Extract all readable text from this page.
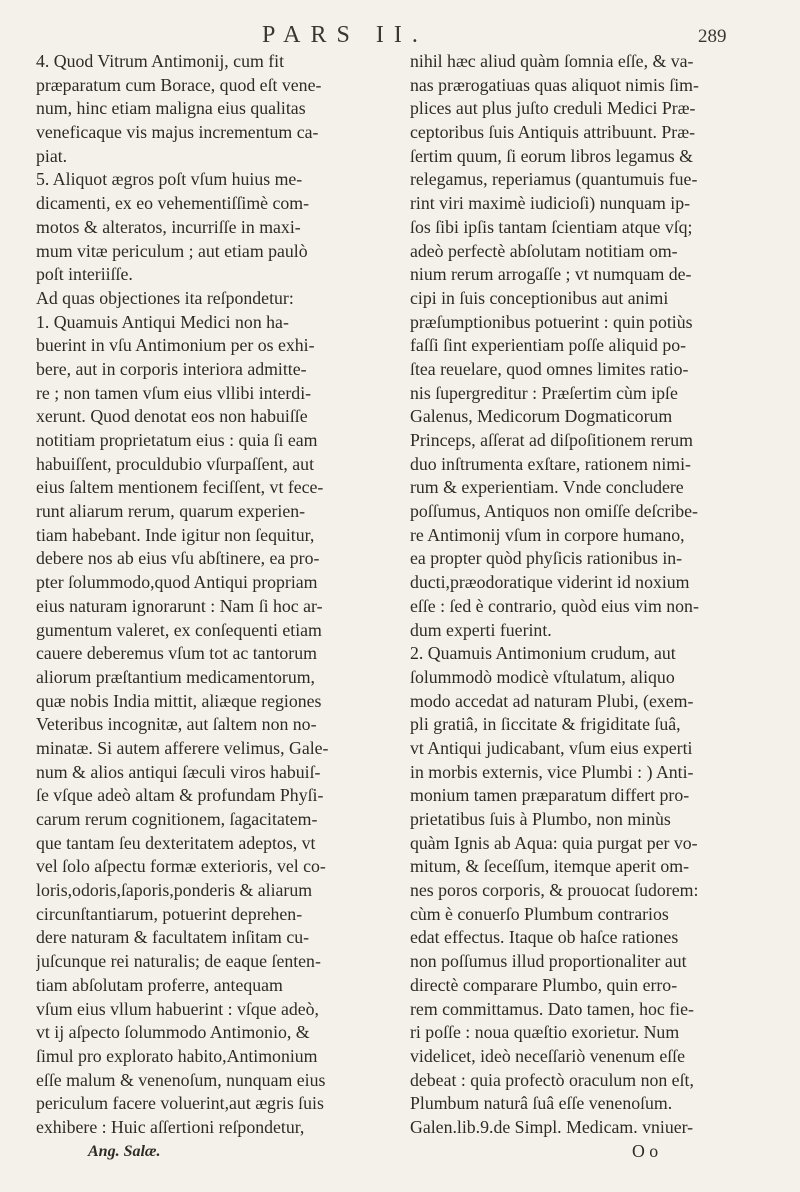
PARS II.	289
4. Quod Vitrum Antimonij, cum fit
præparatum cum Borace, quod eſt vene-
num, hinc etiam maligna eius qualitas
veneficaque vis majus incrementum ca-
piat.
5. Aliquot ægros poſt vſum huius me-
dicamenti, ex eo vehementiſſimè com-
motos & alteratos, incurriſſe in maxi-
mum vitæ periculum ; aut etiam paulò
poſt interiiſſe.
Ad quas objectiones ita reſpondetur:
1. Quamuis Antiqui Medici non ha-
buerint in vſu Antimonium per os exhi-
bere, aut in corporis interiora admitte-
re ; non tamen vſum eius vllibi interdi-
xerunt. Quod denotat eos non habuiſſe
notitiam proprietatum eius : quia ſi eam
habuiſſent, proculdubio vſurpaſſent, aut
eius ſaltem mentionem feciſſent, vt fece-
runt aliarum rerum, quarum experien-
tiam habebant. Inde igitur non ſequitur,
debere nos ab eius vſu abſtinere, ea pro-
pter ſolummodo,quod Antiqui propriam
eius naturam ignorarunt : Nam ſi hoc ar-
gumentum valeret, ex conſequenti etiam
cauere deberemus vſum tot ac tantorum
aliorum præſtantium medicamentorum,
quæ nobis India mittit, aliæque regiones
Veteribus incognitæ, aut ſaltem non no-
minatæ. Si autem afferere velimus, Gale-
num & alios antiqui ſæculi viros habuiſ-
ſe vſque adeò altam & profundam Phyſi-
carum rerum cognitionem, ſagacitatem-
que tantam ſeu dexteritatem adeptos, vt
vel ſolo aſpectu formæ exterioris, vel co-
loris,odoris,ſaporis,ponderis & aliarum
circunſtantiarum, potuerint deprehen-
dere naturam & facultatem inſitam cu-
juſcunque rei naturalis; de eaque ſenten-
tiam abſolutam proferre, antequam
vſum eius vllum habuerint : vſque adeò,
vt ij aſpecto ſolummodo Antimonio, &
ſimul pro explorato habito,Antimonium
eſſe malum & venenoſum, nunquam eius
periculum facere voluerint,aut ægris ſuis
exhibere : Huic aſſertioni reſpondetur,
Ang. Salæ.
nihil hæc aliud quàm ſomnia eſſe, & va-
nas prærogatiuas quas aliquot nimis ſim-
plices aut plus juſto creduli Medici Præ-
ceptoribus ſuis Antiquis attribuunt. Præ-
ſertim quum, ſi eorum libros legamus &
relegamus, reperiamus (quantumuis fue-
rint viri maximè iudicioſi) nunquam ip-
ſos ſibi ipſis tantam ſcientiam atque vſq;
adeò perfectè abſolutam notitiam om-
nium rerum arrogaſſe ; vt numquam de-
cipi in ſuis conceptionibus aut animi
præſumptionibus potuerint : quin potiùs
faſſi ſint experientiam poſſe aliquid po-
ſtea reuelare, quod omnes limites ratio-
nis ſupergreditur : Præſertim cùm ipſe
Galenus, Medicorum Dogmaticorum
Princeps, aſſerat ad diſpoſitionem rerum
duo inſtrumenta exſtare, rationem nimi-
rum & experientiam. Vnde concludere
poſſumus, Antiquos non omiſſe deſcribe-
re Antimonij vſum in corpore humano,
ea propter quòd phyſicis rationibus in-
ducti,præodoratique viderint id noxium
eſſe : ſed è contrario, quòd eius vim non-
dum experti fuerint.
2. Quamuis Antimonium crudum, aut
ſolummodò modicè vſtulatum, aliquo
modo accedat ad naturam Plubi, (exem-
pli gratiâ, in ſiccitate & frigiditate ſuâ,
vt Antiqui judicabant, vſum eius experti
in morbis externis, vice Plumbi : ) Anti-
monium tamen præparatum differt pro-
prietatibus ſuis à Plumbo, non minùs
quàm Ignis ab Aqua: quia purgat per vo-
mitum, & ſeceſſum, itemque aperit om-
nes poros corporis, & prouocat ſudorem:
cùm è conuerſo Plumbum contrarios
edat effectus. Itaque ob haſce rationes
non poſſumus illud proportionaliter aut
directè comparare Plumbo, quin erro-
rem committamus. Dato tamen, hoc fie-
ri poſſe : noua quæſtio exorietur. Num
videlicet, ideò neceſſariò venenum eſſe
debeat : quia profectò oraculum non eſt,
Plumbum naturâ ſuâ eſſe venenoſum.
Galen.lib.9.de Simpl. Medicam. vniuer-
O o
